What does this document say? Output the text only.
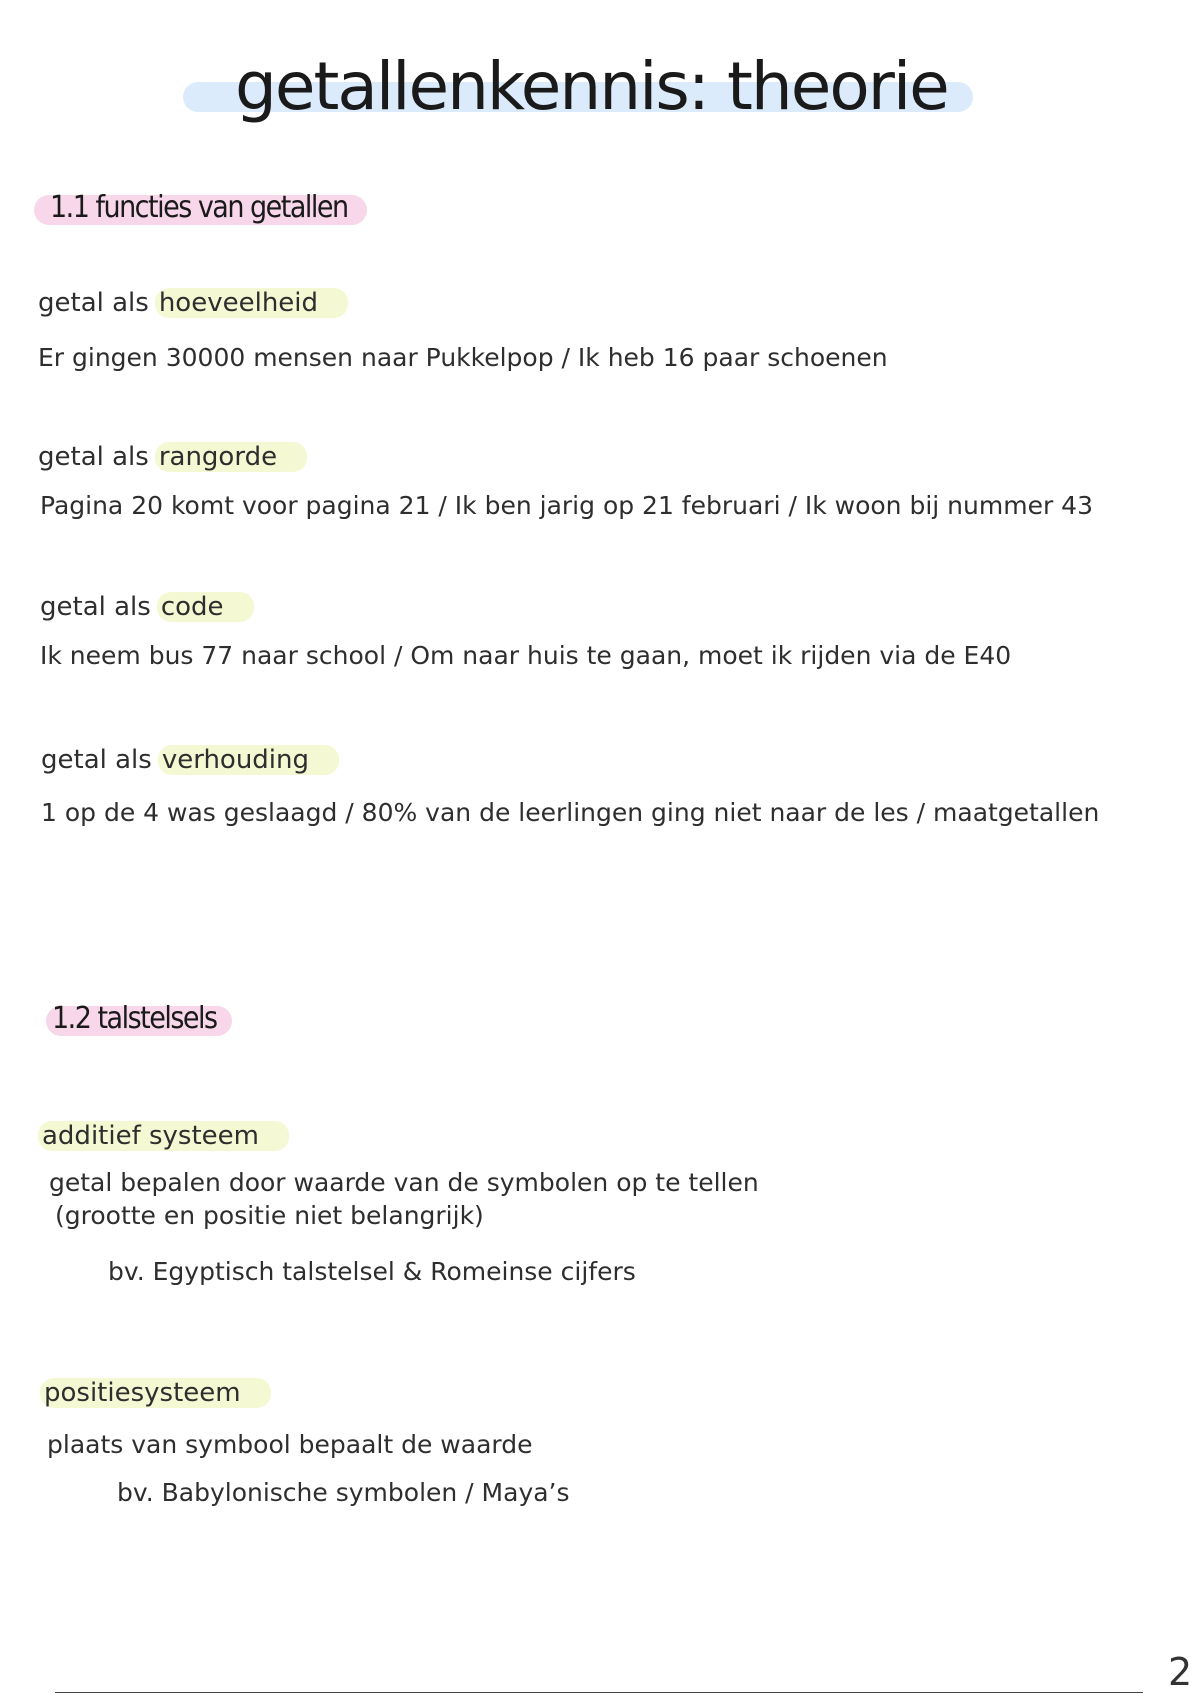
getallenkennis: theorie
1.1 functies van getallen
getal als hoeveelheid
Er gingen 30000 mensen naar Pukkelpop / Ik heb 16 paar schoenen
getal als rangorde
Pagina 20 komt voor pagina 21 / Ik ben jarig op 21 februari / Ik woon bij nummer 43
getal als code
Ik neem bus 77 naar school / Om naar huis te gaan, moet ik rijden via de E40
getal als verhouding
1 op de 4 was geslaagd / 80% van de leerlingen ging niet naar de les / maatgetallen
1.2 talstelsels
additief systeem
getal bepalen door waarde van de symbolen op te tellen
(grootte en positie niet belangrijk)
bv. Egyptisch talstelsel & Romeinse cijfers
positiesysteem
plaats van symbool bepaalt de waarde
bv. Babylonische symbolen / Maya’s
2
